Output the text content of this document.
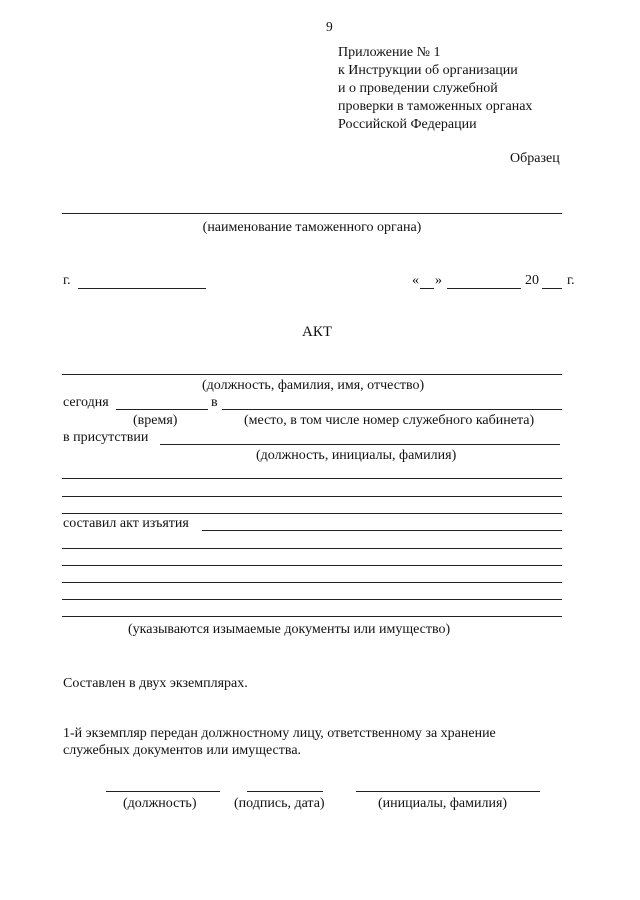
9
Приложение № 1
к Инструкции об организации
и о проведении служебной
проверки в таможенных органах
Российской Федерации
Образец
(наименование таможенного органа)
г.	« »	20 г.
АКТ
(должность, фамилия, имя, отчество)
сегодня	в
(время)	(место, в том числе номер служебного кабинета)
в присутствии
(должность, инициалы, фамилия)
составил акт изъятия
(указываются изымаемые документы или имущество)
Составлен в двух экземплярах.
1-й экземпляр передан должностному лицу, ответственному за хранение
служебных документов или имущества.
(должность)	(подпись, дата)	(инициалы, фамилия)
